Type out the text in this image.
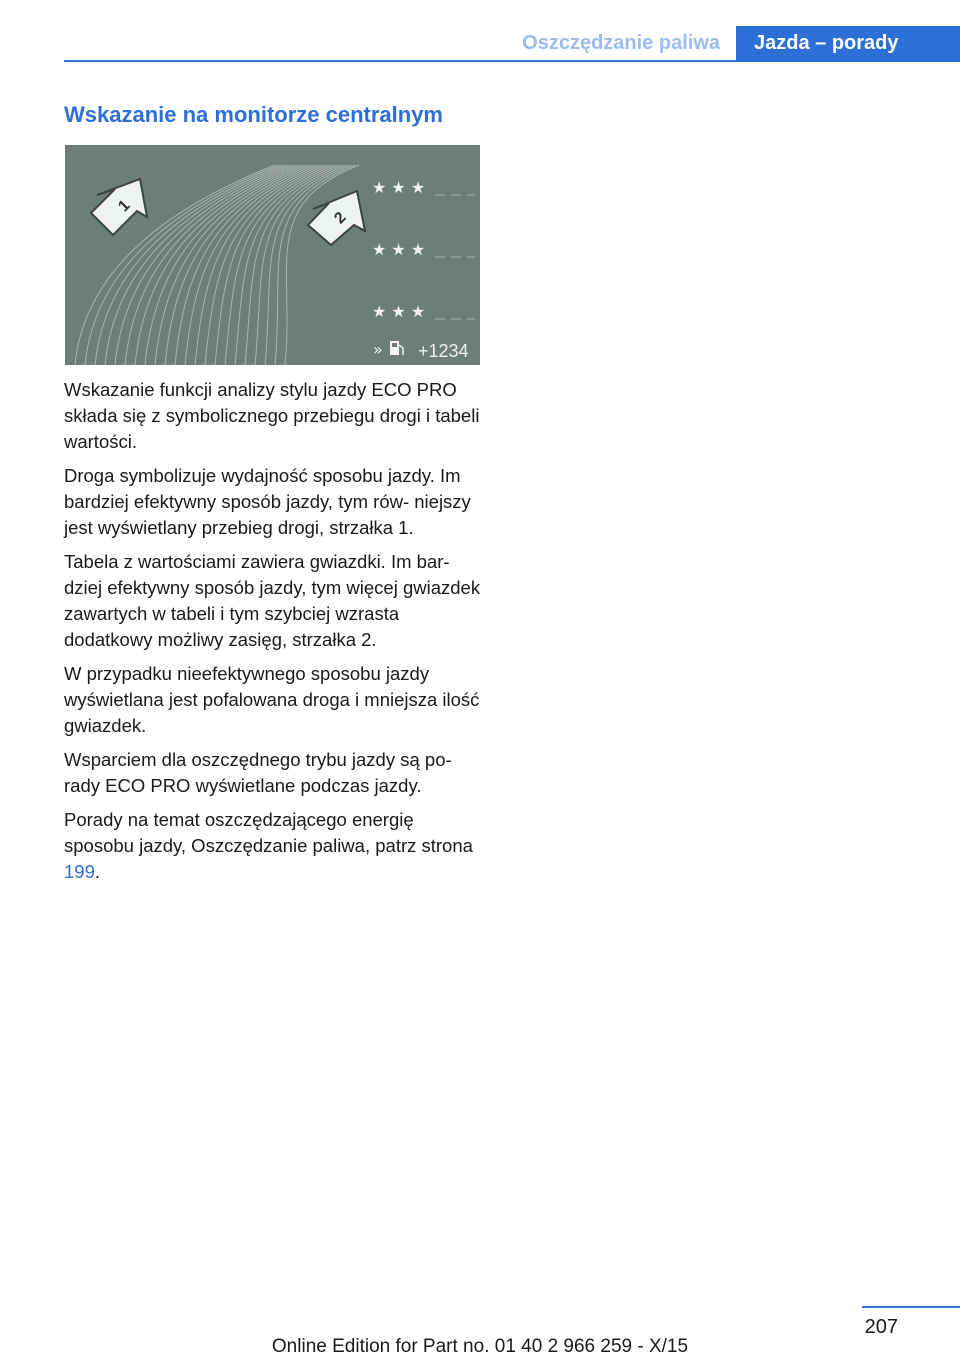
Oszczędzanie paliwa	Jazda – porady
Wskazanie na monitorze centralnym
1
2
★ ★ ★
★ ★ ★
★ ★ ★
» +1234

Wskazanie funkcji analizy stylu jazdy ECO PRO składa się z symbolicznego przebiegu drogi i tabeli wartości.

Droga symbolizuje wydajność sposobu jazdy. Im bardziej efektywny sposób jazdy, tym rów‐ niejszy jest wyświetlany przebieg drogi, strzałka 1.

Tabela z wartościami zawiera gwiazdki. Im bar‐ dziej efektywny sposób jazdy, tym więcej gwiazdek zawartych w tabeli i tym szybciej wzrasta dodatkowy możliwy zasięg, strzałka 2.

W przypadku nieefektywnego sposobu jazdy wyświetlana jest pofalowana droga i mniejsza ilość gwiazdek.

Wsparciem dla oszczędnego trybu jazdy są po‐ rady ECO PRO wyświetlane podczas jazdy.

Porady na temat oszczędzającego energię sposobu jazdy, Oszczędzanie paliwa, patrz strona 199.

207
Online Edition for Part no. 01 40 2 966 259 - X/15
